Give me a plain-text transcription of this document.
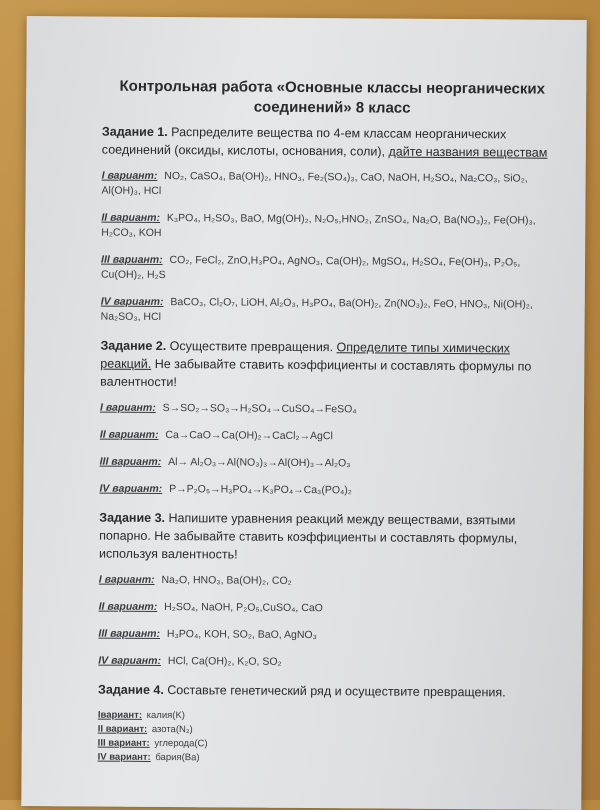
Контрольная работа «Основные классы неорганических соединений» 8 класс
Задание 1. Распределите вещества по 4-ем классам неорганических соединений (оксиды, кислоты, основания, соли), дайте названия веществам
I вариант: NO₂, CaSO₄, Ba(OH)₂, HNO₃, Fe₂(SO₄)₃, CaO, NaOH, H₂SO₄, Na₂CO₃, SiO₂, Al(OH)₃, HCl
II вариант: K₃PO₄, H₂SO₃, BaO, Mg(OH)₂, N₂O₅,HNO₂, ZnSO₄, Na₂O, Ba(NO₃)₂, Fe(OH)₃, H₂CO₃, KOH
III вариант: CO₂, FeCl₂, ZnO,H₃PO₄, AgNO₃, Ca(OH)₂, MgSO₄, H₂SO₄, Fe(OH)₃, P₂O₅, Cu(OH)₂, H₂S
IV вариант: BaCO₃, Cl₂O₇, LiOH, Al₂O₃, H₃PO₄, Ba(OH)₂, Zn(NO₃)₂, FeO, HNO₃, Ni(OH)₂, Na₂SO₃, HCl
Задание 2. Осуществите превращения. Определите типы химических реакций. Не забывайте ставить коэффициенты и составлять формулы по валентности!
I вариант: S→SO₂→SO₃→H₂SO₄→CuSO₄→FeSO₄
II вариант: Ca→CaO→Ca(OH)₂→CaCl₂→AgCl
III вариант: Al→ Al₂O₃→Al(NO₃)₃→Al(OH)₃→Al₂O₃
IV вариант: P→P₂O₅→H₃PO₄→K₃PO₄→Ca₃(PO₄)₂
Задание 3. Напишите уравнения реакций между веществами, взятыми попарно. Не забывайте ставить коэффициенты и составлять формулы, используя валентность!
I вариант: Na₂O, HNO₃, Ba(OH)₂, CO₂
II вариант: H₂SO₄, NaOH, P₂O₅,CuSO₄, CaO
III вариант: H₃PO₄, KOH, SO₂, BaO, AgNO₃
IV вариант: HCl, Ca(OH)₂, K₂O, SO₂
Задание 4. Составьте генетический ряд и осуществите превращения.
Iвариант: калия(K)
II вариант: азота(N₂)
III вариант: углерода(C)
IV вариант: бария(Ba)
